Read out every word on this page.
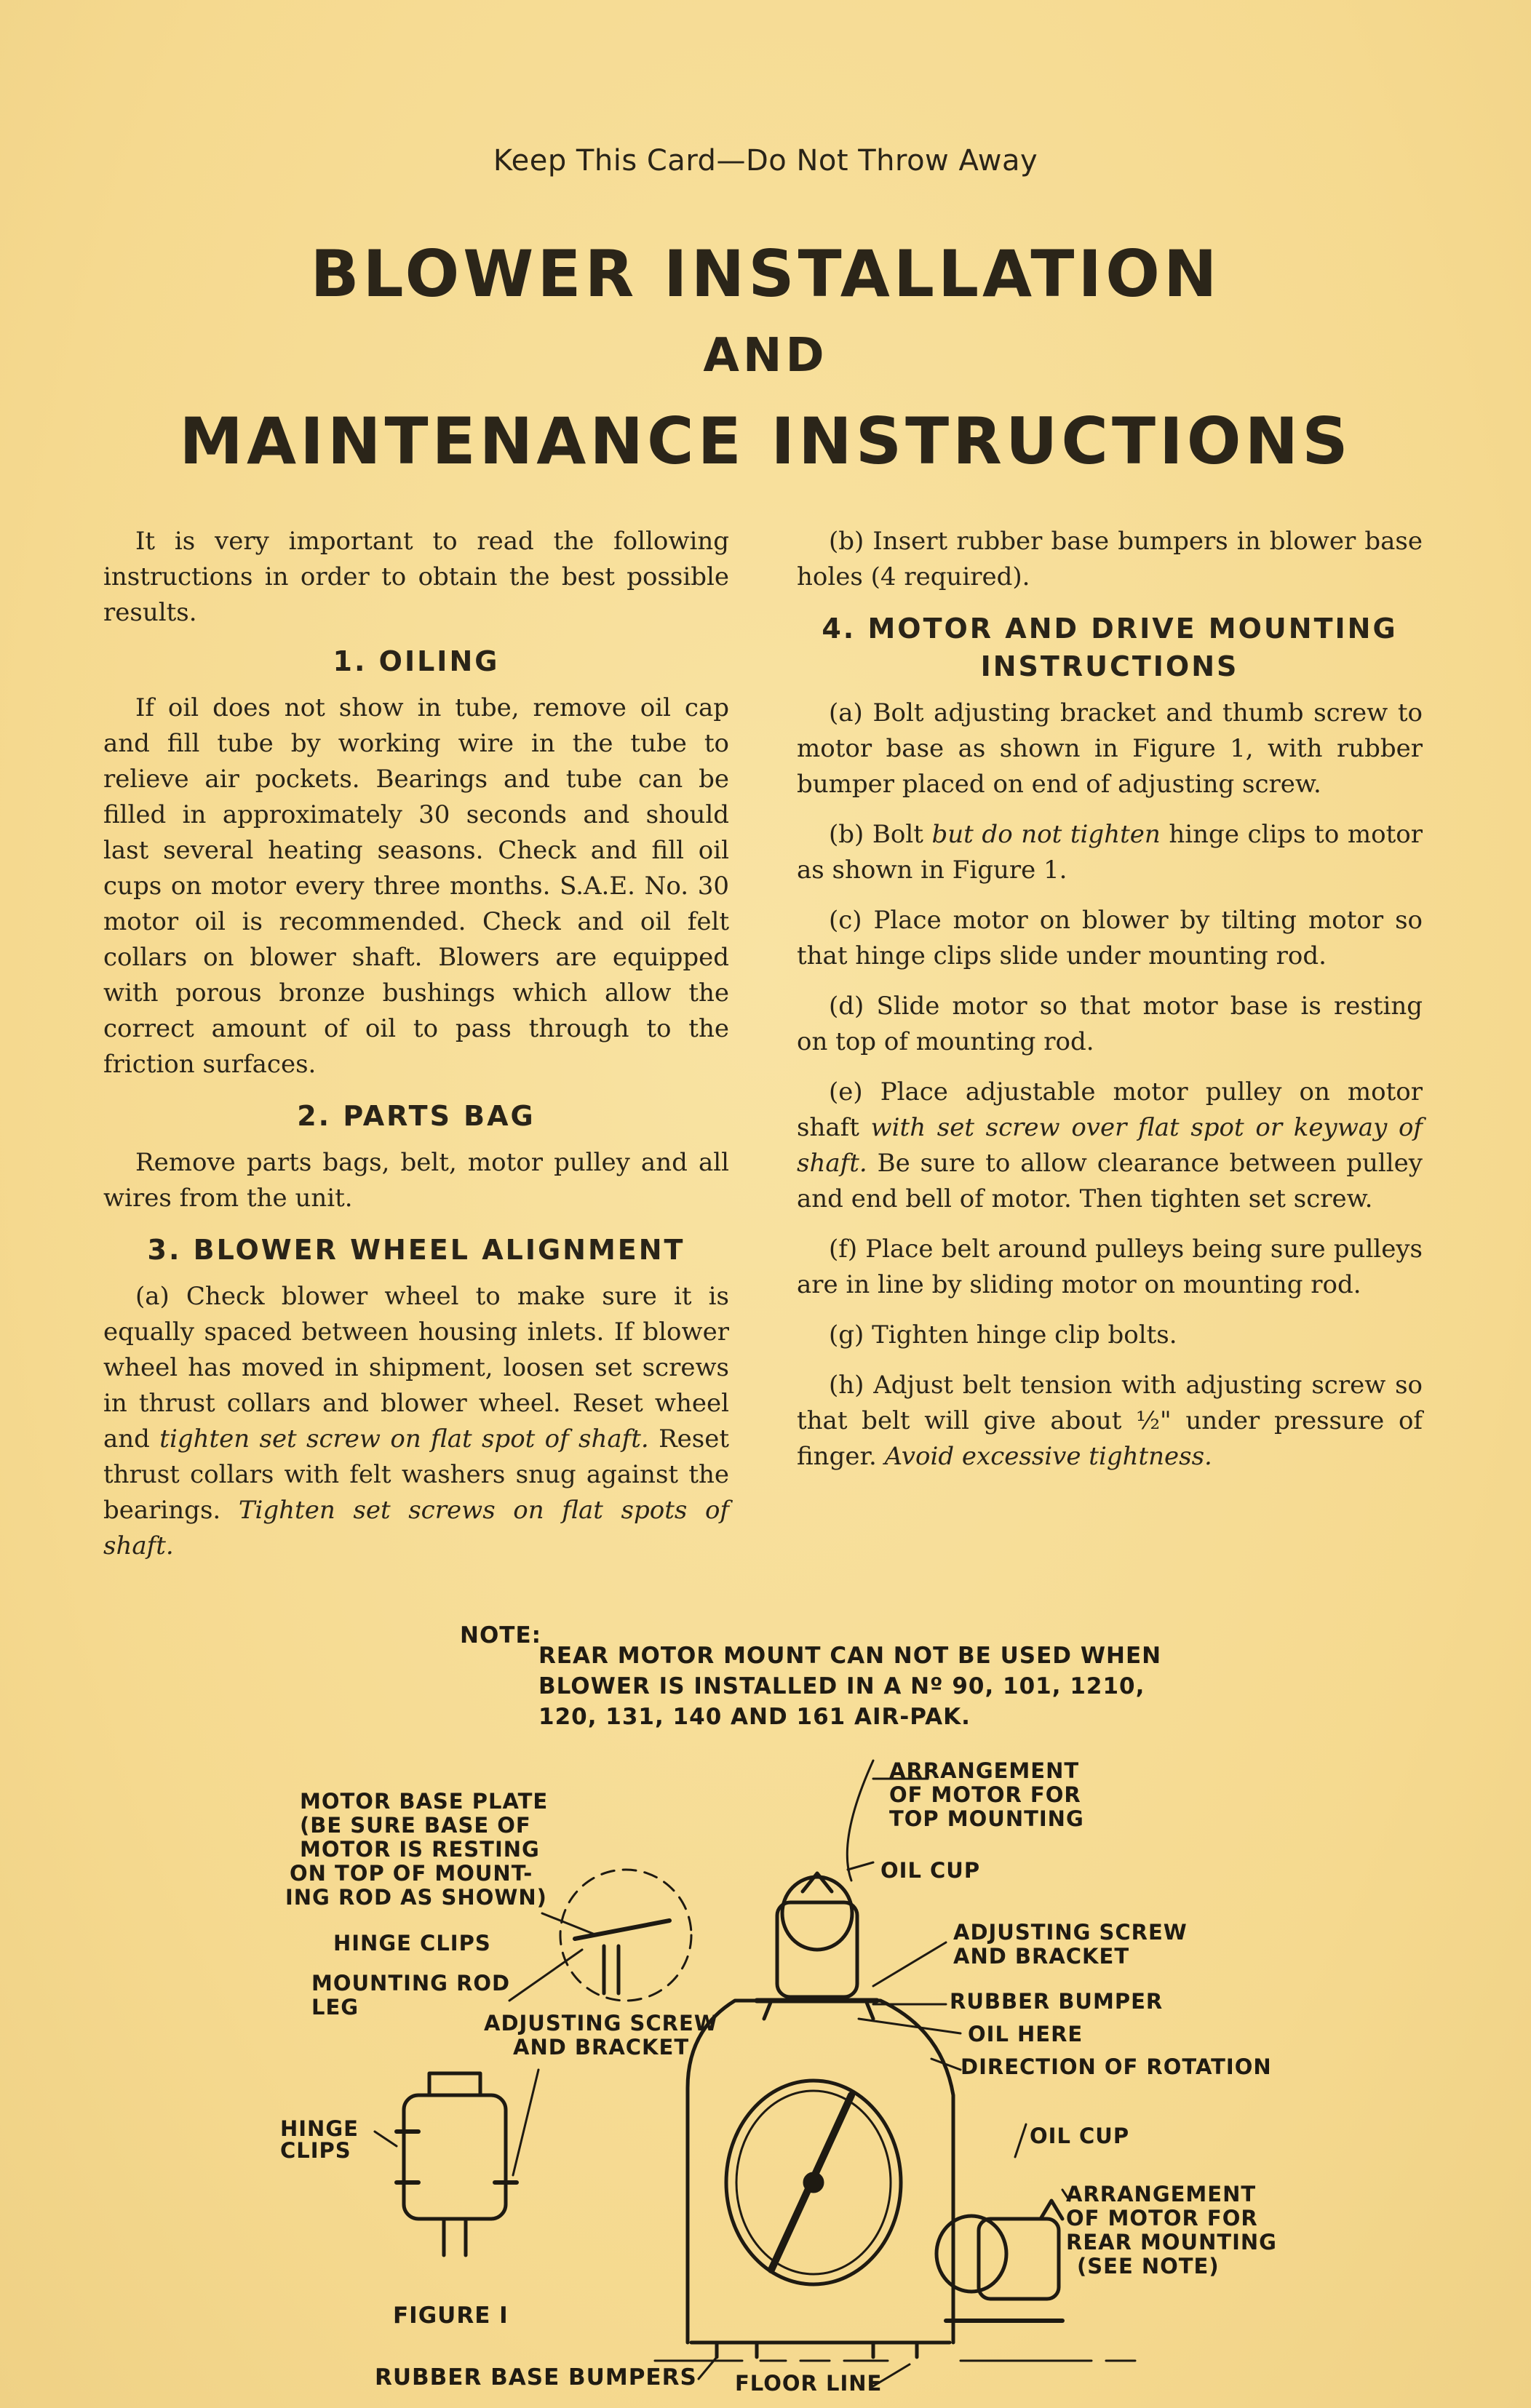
Keep This Card—Do Not Throw Away
BLOWER INSTALLATION
AND
MAINTENANCE INSTRUCTIONS

It is very important to read the following instructions in order to obtain the best possible results.

1. OILING

If oil does not show in tube, remove oil cap and fill tube by working wire in the tube to relieve air pockets. Bearings and tube can be filled in approximately 30 seconds and should last several heating seasons. Check and fill oil cups on motor every three months. S.A.E. No. 30 motor oil is recommended. Check and oil felt collars on blower shaft. Blowers are equipped with porous bronze bushings which allow the correct amount of oil to pass through to the friction surfaces.

2. PARTS BAG

Remove parts bags, belt, motor pulley and all wires from the unit.

3. BLOWER WHEEL ALIGNMENT

(a) Check blower wheel to make sure it is equally spaced between housing inlets. If blower wheel has moved in shipment, loosen set screws in thrust collars and blower wheel. Reset wheel and tighten set screw on flat spot of shaft. Reset thrust collars with felt washers snug against the bearings. Tighten set screws on flat spots of shaft.

(b) Insert rubber base bumpers in blower base holes (4 required).

4. MOTOR AND DRIVE MOUNTING
INSTRUCTIONS

(a) Bolt adjusting bracket and thumb screw to motor base as shown in Figure 1, with rubber bumper placed on end of adjusting screw.

(b) Bolt but do not tighten hinge clips to motor as shown in Figure 1.

(c) Place motor on blower by tilting motor so that hinge clips slide under mounting rod.

(d) Slide motor so that motor base is resting on top of mounting rod.

(e) Place adjustable motor pulley on motor shaft with set screw over flat spot or keyway of shaft. Be sure to allow clearance between pulley and end bell of motor. Then tighten set screw.

(f) Place belt around pulleys being sure pulleys are in line by sliding motor on mounting rod.

(g) Tighten hinge clip bolts.

(h) Adjust belt tension with adjusting screw so that belt will give about ½" under pressure of finger. Avoid excessive tightness.

NOTE:
REAR MOTOR MOUNT CAN NOT BE USED WHEN
BLOWER IS INSTALLED IN A Nº 90, 101, 1210,
120, 131, 140 AND 161 AIR-PAK.
MOTOR BASE PLATE
(BE SURE BASE OF
MOTOR IS RESTING
ON TOP OF MOUNT-
ING ROD AS SHOWN)
HINGE CLIPS
MOUNTING ROD
LEG
ADJUSTING SCREW
AND BRACKET
HINGE
CLIPS
FIGURE I
RUBBER BASE BUMPERS FLOOR LINE
ARRANGEMENT
OF MOTOR FOR
TOP MOUNTING
OIL CUP
ADJUSTING SCREW
AND BRACKET
RUBBER BUMPER
OIL HERE
DIRECTION OF ROTATION
OIL CUP
ARRANGEMENT
OF MOTOR FOR
REAR MOUNTING
(SEE NOTE)
